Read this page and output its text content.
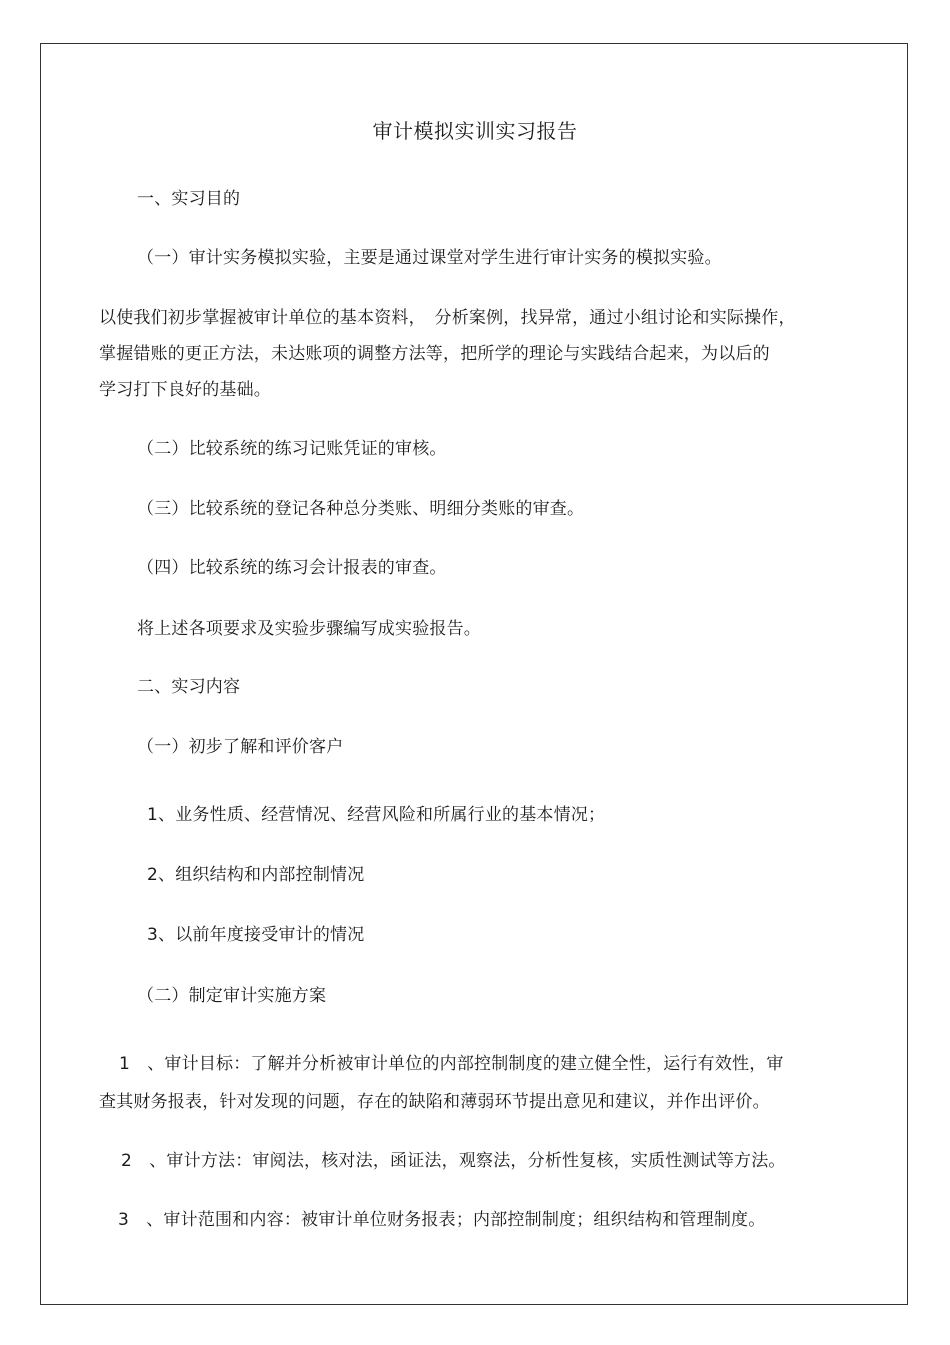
审计模拟实训实习报告
一、实习目的
（一）审计实务模拟实验，主要是通过课堂对学生进行审计实务的模拟实验。
以使我们初步掌握被审计单位的基本资料，　分析案例，找异常，通过小组讨论和实际操作，
掌握错账的更正方法，未达账项的调整方法等，把所学的理论与实践结合起来，为以后的
学习打下良好的基础。
（二）比较系统的练习记账凭证的审核。
（三）比较系统的登记各种总分类账、明细分类账的审查。
（四）比较系统的练习会计报表的审查。
将上述各项要求及实验步骤编写成实验报告。
二、实习内容
（一）初步了解和评价客户
1、业务性质、经营情况、经营风险和所属行业的基本情况；
2、组织结构和内部控制情况
3、以前年度接受审计的情况
（二）制定审计实施方案
1　、审计目标：了解并分析被审计单位的内部控制制度的建立健全性，运行有效性，审
查其财务报表，针对发现的问题，存在的缺陷和薄弱环节提出意见和建议，并作出评价。
2　、审计方法：审阅法，核对法，函证法，观察法，分析性复核，实质性测试等方法。
3　、审计范围和内容：被审计单位财务报表；内部控制制度；组织结构和管理制度。
